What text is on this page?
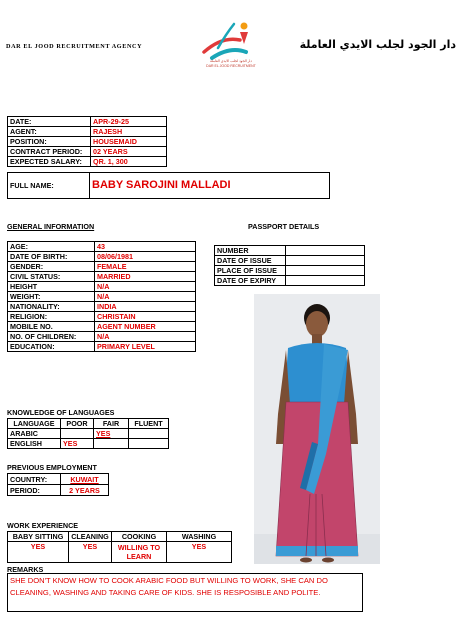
DAR EL JOOD RECRUITMENT AGENCY	دار الجود لجلب الايدي العاملة
دار الجود لجلب الايدي العاملة
DAR EL JOOD RECRUITMENT
DATE:	APR-29-25
AGENT:	RAJESH
POSITION:	HOUSEMAID
CONTRACT PERIOD:	02 YEARS
EXPECTED SALARY:	QR. 1, 300
FULL NAME:	BABY SAROJINI MALLADI
GENERAL INFORMATION
AGE:	43
DATE OF BIRTH:	08/06/1981
GENDER:	FEMALE
CIVIL STATUS:	MARRIED
HEIGHT	N/A
WEIGHT:	N/A
NATIONALITY:	INDIA
RELIGION:	CHRISTAIN
MOBILE NO.	AGENT NUMBER
NO. OF CHILDREN:	N/A
EDUCATION:	PRIMARY LEVEL
PASSPORT DETAILS
NUMBER	
DATE OF ISSUE	
PLACE OF ISSUE	
DATE OF EXPIRY	
KNOWLEDGE OF LANGUAGES
LANGUAGE	POOR	FAIR	FLUENT
ARABIC		YES	
ENGLISH	YES		
PREVIOUS EMPLOYMENT
COUNTRY:	KUWAIT
PERIOD:	2 YEARS
WORK EXPERIENCE
BABY SITTING	CLEANING	COOKING	WASHING
YES	YES	WILLING TO LEARN	YES
REMARKS
SHE DON'T KNOW HOW TO COOK ARABIC FOOD BUT WILLING TO WORK, SHE CAN DO CLEANING, WASHING AND TAKING CARE OF KIDS. SHE IS RESPOSIBLE AND POLITE.
